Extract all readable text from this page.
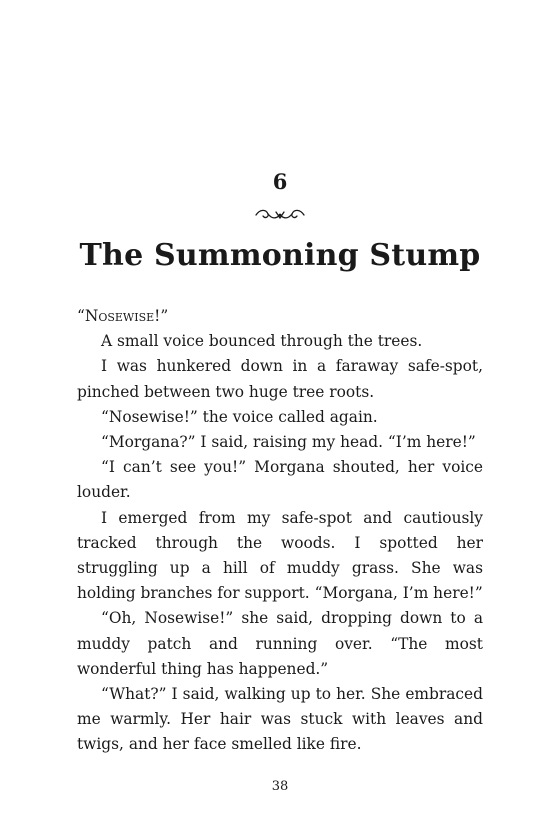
6
The Summoning Stump

“Nosewise!”

A small voice bounced through the trees.

I was hunkered down in a faraway safe-spot, pinched between two huge tree roots.

“Nosewise!” the voice called again.

“Morgana?” I said, raising my head. “I’m here!”

“I can’t see you!” Morgana shouted, her voice louder.

I emerged from my safe-spot and cautiously tracked through the woods. I spotted her struggling up a hill of muddy grass. She was holding branches for support. “Morgana, I’m here!”

“Oh, Nosewise!” she said, dropping down to a muddy patch and running over. “The most wonderful thing has happened.”

“What?” I said, walking up to her. She embraced me warmly. Her hair was stuck with leaves and twigs, and her face smelled like fire.

38
